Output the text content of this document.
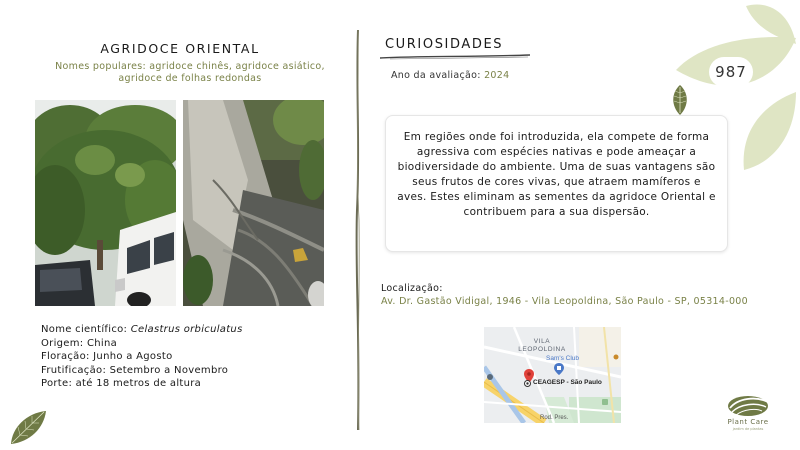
AGRIDOCE ORIENTAL
Nomes populares: agridoce chinês, agridoce asiático,
agridoce de folhas redondas
Nome científico: Celastrus orbiculatus
Origem: China
Floração: Junho a Agosto
Frutificação: Setembro a Novembro
Porte: até 18 metros de altura
CURIOSIDADES
Ano da avaliação: 2024	987

Em regiões onde foi introduzida, ela compete de forma agressiva com espécies nativas e pode ameaçar a biodiversidade do ambiente. Uma de suas vantagens são seus frutos de cores vivas, que atraem mamíferos e aves. Estes eliminam as sementes da agridoce Oriental e contribuem para a sua dispersão.

Localização:
Av. Dr. Gastão Vidigal, 1946 - Vila Leopoldina, São Paulo - SP, 05314-000
VILA
LEOPOLDINA
Sam's Club
CEAGESP - São Paulo
Rod. Pres.	Plant Care
jardim de plantas
